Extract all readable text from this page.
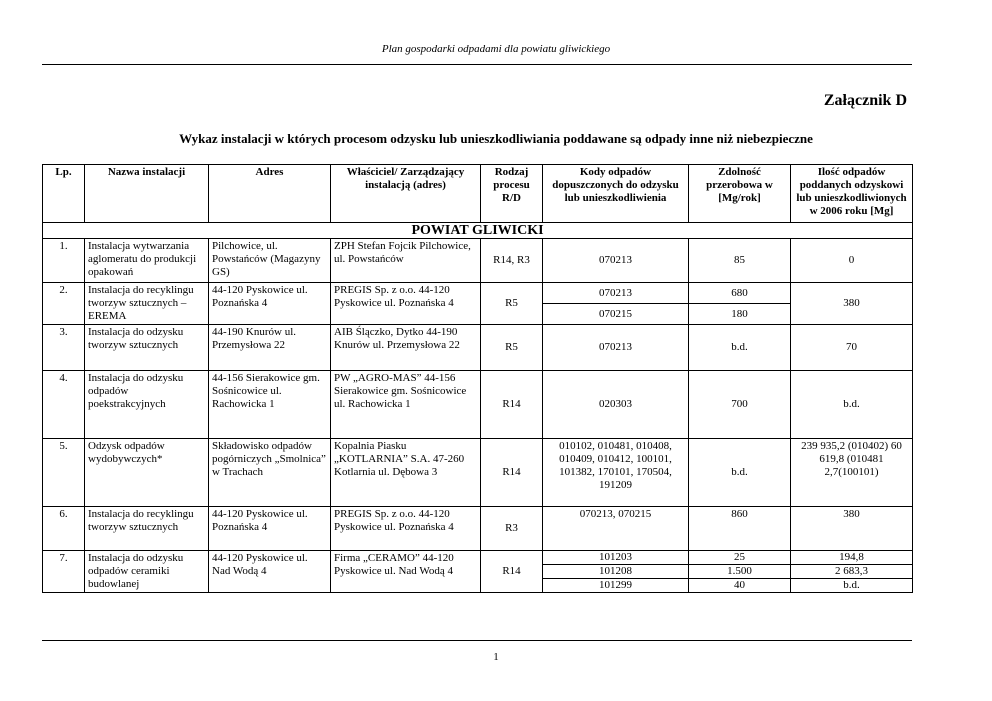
Plan gospodarki odpadami dla powiatu gliwickiego
Załącznik D
Wykaz instalacji w których procesom odzysku lub unieszkodliwiania poddawane są odpady inne niż niebezpieczne
Lp.	Nazwa instalacji	Adres	Właściciel/ Zarządzający instalacją (adres)	Rodzaj procesu R/D	Kody odpadów dopuszczonych do odzysku lub unieszkodliwienia	Zdolność przerobowa w [Mg/rok]	Ilość odpadów poddanych odzyskowi lub unieszkodliwionych w 2006 roku [Mg]
POWIAT GLIWICKI							
1.	Instalacja wytwarzania aglomeratu do produkcji opakowań	Pilchowice, ul. Powstańców (Magazyny GS)	ZPH Stefan Fojcik Pilchowice, ul. Powstańców	R14, R3	070213	85	0
2.	Instalacja do recyklingu tworzyw sztucznych – EREMA	44-120 Pyskowice ul. Poznańska 4	PREGIS Sp. z o.o. 44-120 Pyskowice ul. Poznańska 4	R5	070213	680	380
					070215	180	
3.	Instalacja do odzysku tworzyw sztucznych	44-190 Knurów ul. Przemysłowa 22	AIB Ślączko, Dytko 44-190 Knurów ul. Przemysłowa 22	R5	070213	b.d.	70
4.	Instalacja do odzysku odpadów poekstrakcyjnych	44-156 Sierakowice gm. Sośnicowice ul. Rachowicka 1	PW „AGRO-MAS” 44-156 Sierakowice gm. Sośnicowice ul. Rachowicka 1	R14	020303	700	b.d.
5.	Odzysk odpadów wydobywczych*	Składowisko odpadów pogórniczych „Smolnica” w Trachach	Kopalnia Piasku „KOTLARNIA” S.A. 47-260 Kotlarnia ul. Dębowa 3	R14	010102, 010481, 010408, 010409, 010412, 100101, 101382, 170101, 170504, 191209	b.d.	239 935,2 (010402) 60 619,8 (010481 2,7(100101)
6.	Instalacja do recyklingu tworzyw sztucznych	44-120 Pyskowice ul. Poznańska 4	PREGIS Sp. z o.o. 44-120 Pyskowice ul. Poznańska 4	R3	070213, 070215	860	380
7.	Instalacja do odzysku odpadów ceramiki budowlanej	44-120 Pyskowice ul. Nad Wodą 4	Firma „CERAMO” 44-120 Pyskowice ul. Nad Wodą 4	R14	101203	25	194,8
					101208	1.500	2 683,3
					101299	40	b.d.
1
